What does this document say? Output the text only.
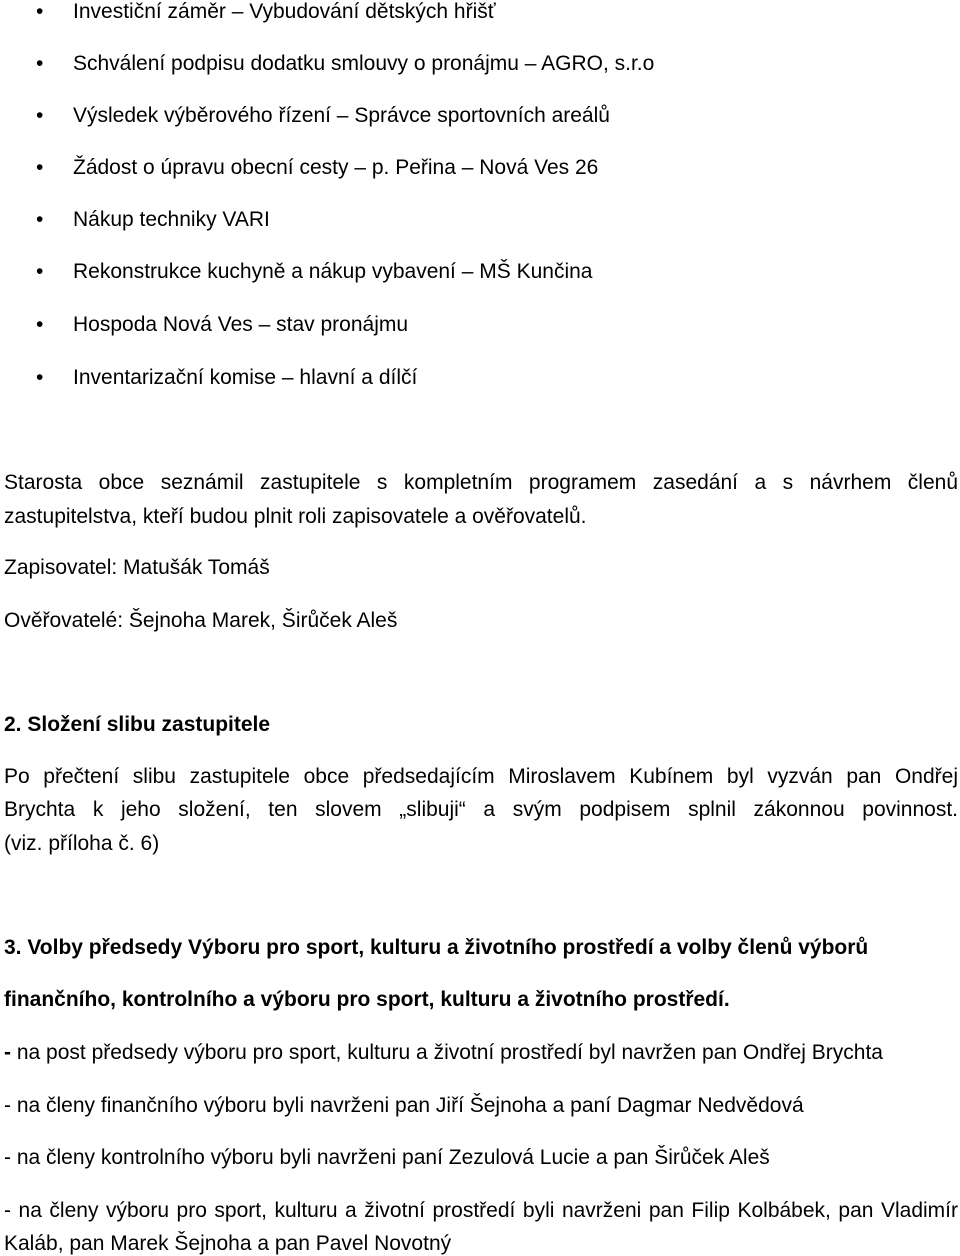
•Investiční záměr – Vybudování dětských hřišť
•Schválení podpisu dodatku smlouvy o pronájmu – AGRO, s.r.o
•Výsledek výběrového řízení – Správce sportovních areálů
•Žádost o úpravu obecní cesty – p. Peřina – Nová Ves 26
•Nákup techniky VARI
•Rekonstrukce kuchyně a nákup vybavení – MŠ Kunčina
•Hospoda Nová Ves – stav pronájmu
•Inventarizační komise – hlavní a dílčí
Starosta obce seznámil zastupitele s kompletním programem zasedání a s návrhem členů
zastupitelstva, kteří budou plnit roli zapisovatele a ověřovatelů.
Zapisovatel: Matušák Tomáš
Ověřovatelé: Šejnoha Marek, Širůček Aleš
2. Složení slibu zastupitele
Po přečtení slibu zastupitele obce předsedajícím Miroslavem Kubínem byl vyzván pan Ondřej
Brychta k jeho složení, ten slovem „slibuji“ a svým podpisem splnil zákonnou povinnost.
(viz. příloha č. 6)
3. Volby předsedy Výboru pro sport, kulturu a životního prostředí a volby členů výborů
finančního, kontrolního a výboru pro sport, kulturu a životního prostředí.
- na post předsedy výboru pro sport, kulturu a životní prostředí byl navržen pan Ondřej Brychta
- na členy finančního výboru byli navrženi pan Jiří Šejnoha a paní Dagmar Nedvědová
- na členy kontrolního výboru byli navrženi paní Zezulová Lucie a pan Širůček Aleš
- na členy výboru pro sport, kulturu a životní prostředí byli navrženi pan Filip Kolbábek, pan Vladimír
Kaláb, pan Marek Šejnoha a pan Pavel Novotný
